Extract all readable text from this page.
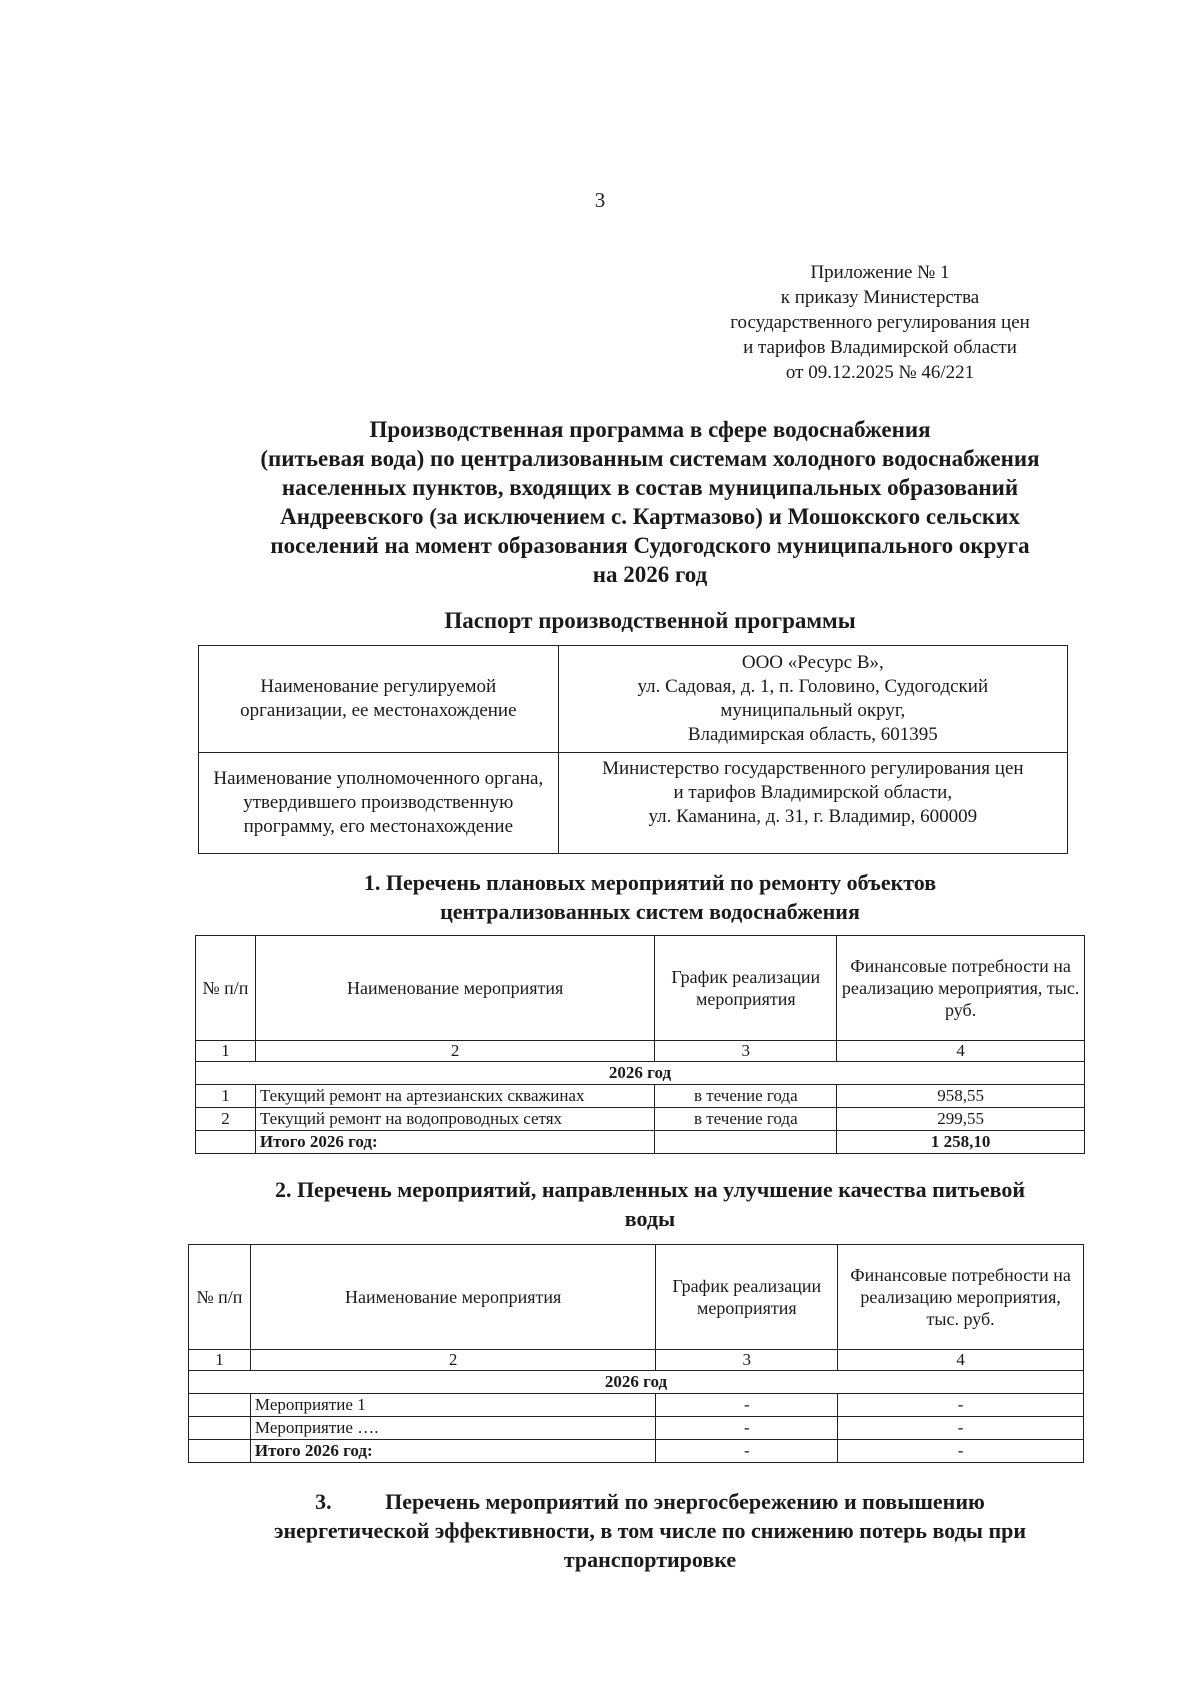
3
Приложение № 1
к приказу Министерства
государственного регулирования цен
и тарифов Владимирской области
от 09.12.2025 № 46/221
Производственная программа в сфере водоснабжения
(питьевая вода) по централизованным системам холодного водоснабжения
населенных пунктов, входящих в состав муниципальных образований
Андреевского (за исключением с. Картмазово) и Мошокского сельских
поселений на момент образования Судогодского муниципального округа
на 2026 год
Паспорт производственной программы
Наименование регулируемой организации, ее местонахождение	ООО «Ресурс В»,
ул. Садовая, д. 1, п. Головино, Судогодский
муниципальный округ,
Владимирская область, 601395

Наименование уполномоченного органа, утвердившего производственную программу, его местонахождение	Министерство государственного регулирования цен
и тарифов Владимирской области,
ул. Каманина, д. 31, г. Владимир, 600009
1. Перечень плановых мероприятий по ремонту объектов
централизованных систем водоснабжения
№ п/п	Наименование мероприятия	График реализации мероприятия	Финансовые потребности на реализацию мероприятия, тыс. руб.
1	2	3	4
2026 год			
1	Текущий ремонт на артезианских скважинах	в течение года	958,55
2	Текущий ремонт на водопроводных сетях	в течение года	299,55
	Итого 2026 год:		1 258,10
2. Перечень мероприятий, направленных на улучшение качества питьевой
воды
№ п/п	Наименование мероприятия	График реализации мероприятия	Финансовые потребности на реализацию мероприятия, тыс. руб.
1	2	3	4
2026 год			
	Мероприятие 1	-	-
	Мероприятие ….	-	-
	Итого 2026 год:	-	-
3. Перечень мероприятий по энергосбережению и повышению
энергетической эффективности, в том числе по снижению потерь воды при
транспортировке
